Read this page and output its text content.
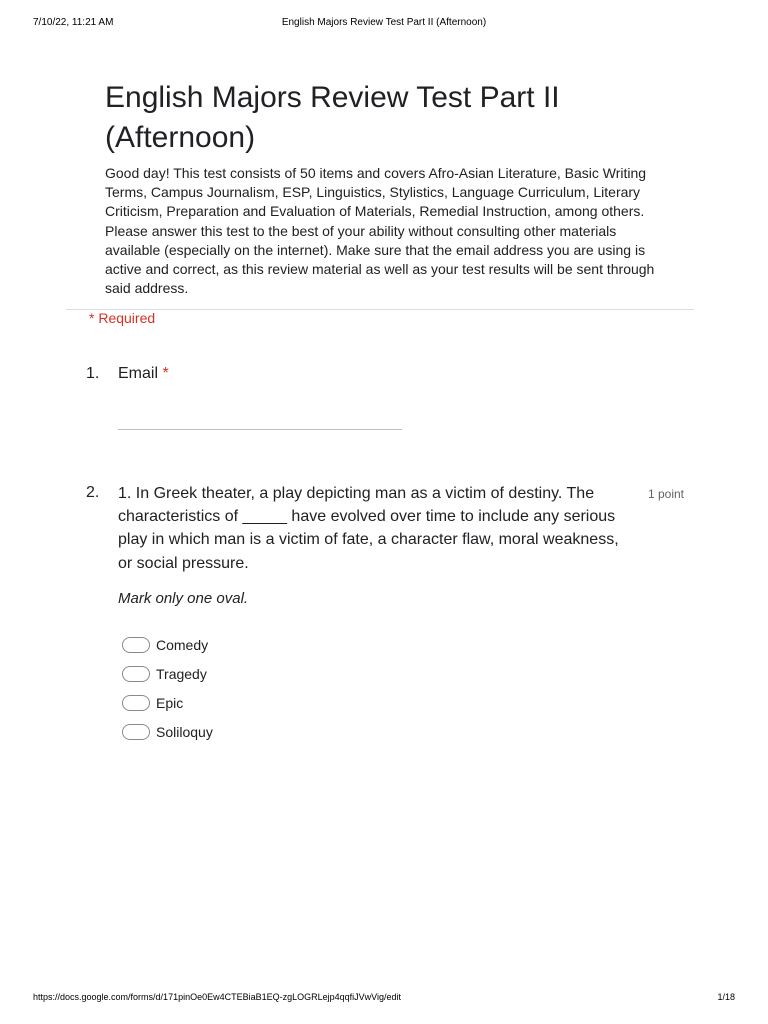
7/10/22, 11:21 AM	English Majors Review Test Part II (Afternoon)
English Majors Review Test Part II (Afternoon)
Good day! This test consists of 50 items and covers Afro-Asian Literature, Basic Writing Terms, Campus Journalism, ESP, Linguistics, Stylistics, Language Curriculum, Literary Criticism, Preparation and Evaluation of Materials, Remedial Instruction, among others. Please answer this test to the best of your ability without consulting other materials available (especially on the internet). Make sure that the email address you are using is active and correct, as this review material as well as your test results will be sent through said address.
* Required
1. Email *
2. 1. In Greek theater, a play depicting man as a victim of destiny. The characteristics of _____ have evolved over time to include any serious play in which man is a victim of fate, a character flaw, moral weakness, or social pressure.
1 point
Mark only one oval.
Comedy
Tragedy
Epic
Soliloquy
https://docs.google.com/forms/d/171pinOe0Ew4CTEBiaB1EQ-zgLOGRLejp4qqfiJVwVig/edit	1/18
